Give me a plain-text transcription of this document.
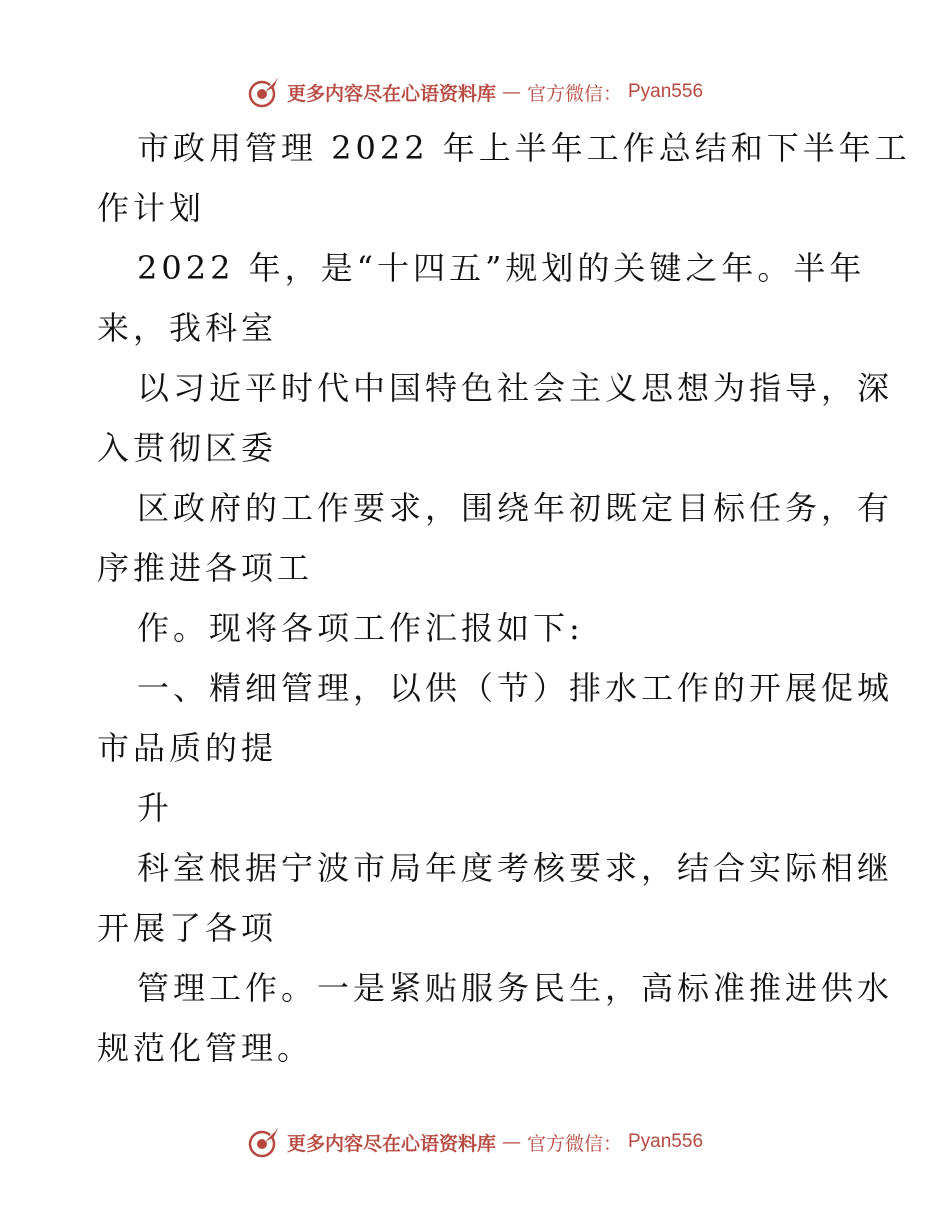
更多内容尽在心语资料库 — 官方微信： Pyan556

市政用管理 2022 年上半年工作总结和下半年工

作计划

2022 年，是“十四五”规划的关键之年。半年

来，我科室

以习近平时代中国特色社会主义思想为指导，深

入贯彻区委

区政府的工作要求，围绕年初既定目标任务，有

序推进各项工

作。现将各项工作汇报如下:

一、精细管理，以供（节）排水工作的开展促城

市品质的提

升

科室根据宁波市局年度考核要求，结合实际相继

开展了各项

管理工作。一是紧贴服务民生，高标准推进供水

规范化管理。

更多内容尽在心语资料库 — 官方微信： Pyan556
